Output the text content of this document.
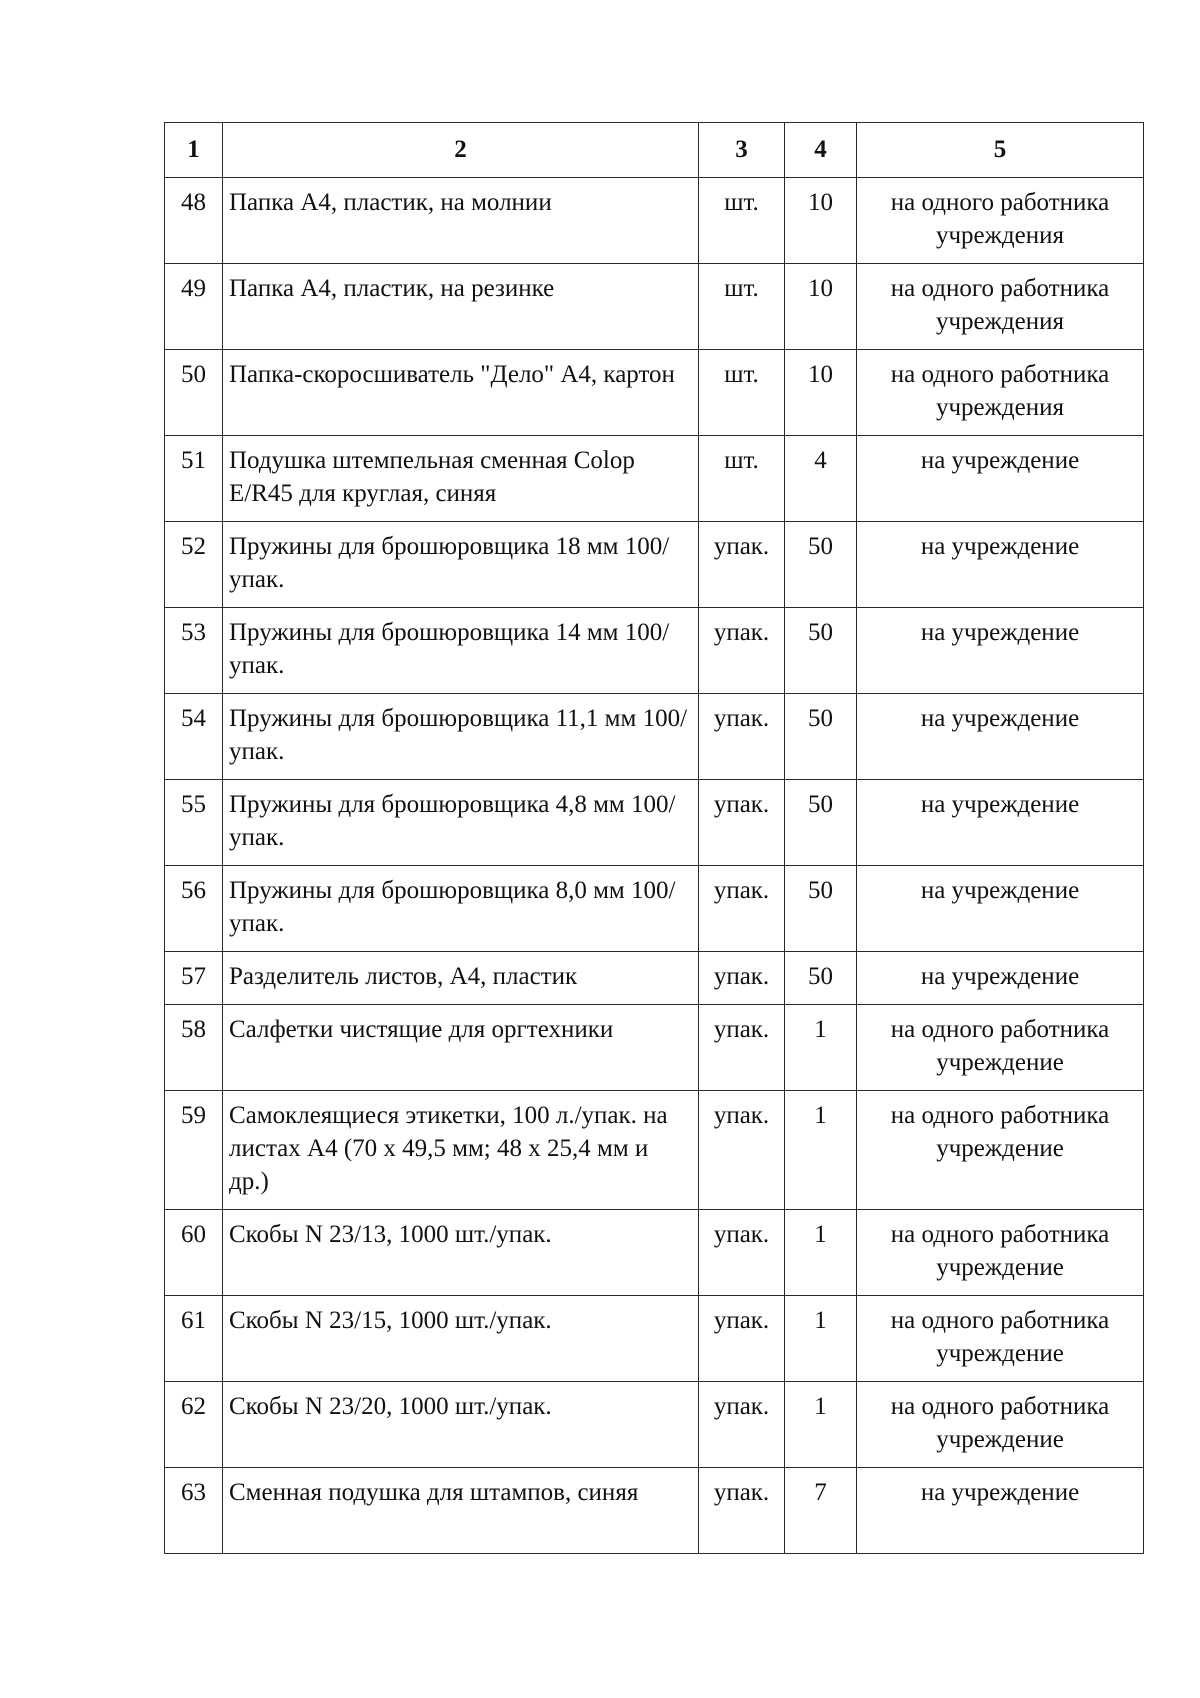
1	2	3	4	5
48	Папка А4, пластик, на молнии	шт.	10	на одного работника учреждения
49	Папка А4, пластик, на резинке	шт.	10	на одного работника учреждения
50	Папка-скоросшиватель "Дело" А4, картон	шт.	10	на одного работника учреждения
51	Подушка штемпельная сменная Colop E/R45 для круглая, синяя	шт.	4	на учреждение
52	Пружины для брошюровщика 18 мм 100/упак.	упак.	50	на учреждение
53	Пружины для брошюровщика 14 мм 100/упак.	упак.	50	на учреждение
54	Пружины для брошюровщика 11,1 мм 100/упак.	упак.	50	на учреждение
55	Пружины для брошюровщика 4,8 мм 100/упак.	упак.	50	на учреждение
56	Пружины для брошюровщика 8,0 мм 100/упак.	упак.	50	на учреждение
57	Разделитель листов, А4, пластик	упак.	50	на учреждение
58	Салфетки чистящие для оргтехники	упак.	1	на одного работника учреждение
59	Самоклеящиеся этикетки, 100 л./упак. на листах А4 (70 х 49,5 мм; 48 х 25,4 мм и др.)	упак.	1	на одного работника учреждение
60	Скобы N 23/13, 1000 шт./упак.	упак.	1	на одного работника учреждение
61	Скобы N 23/15, 1000 шт./упак.	упак.	1	на одного работника учреждение
62	Скобы N 23/20, 1000 шт./упак.	упак.	1	на одного работника учреждение
63	Сменная подушка для штампов, синяя	упак.	7	на учреждение
